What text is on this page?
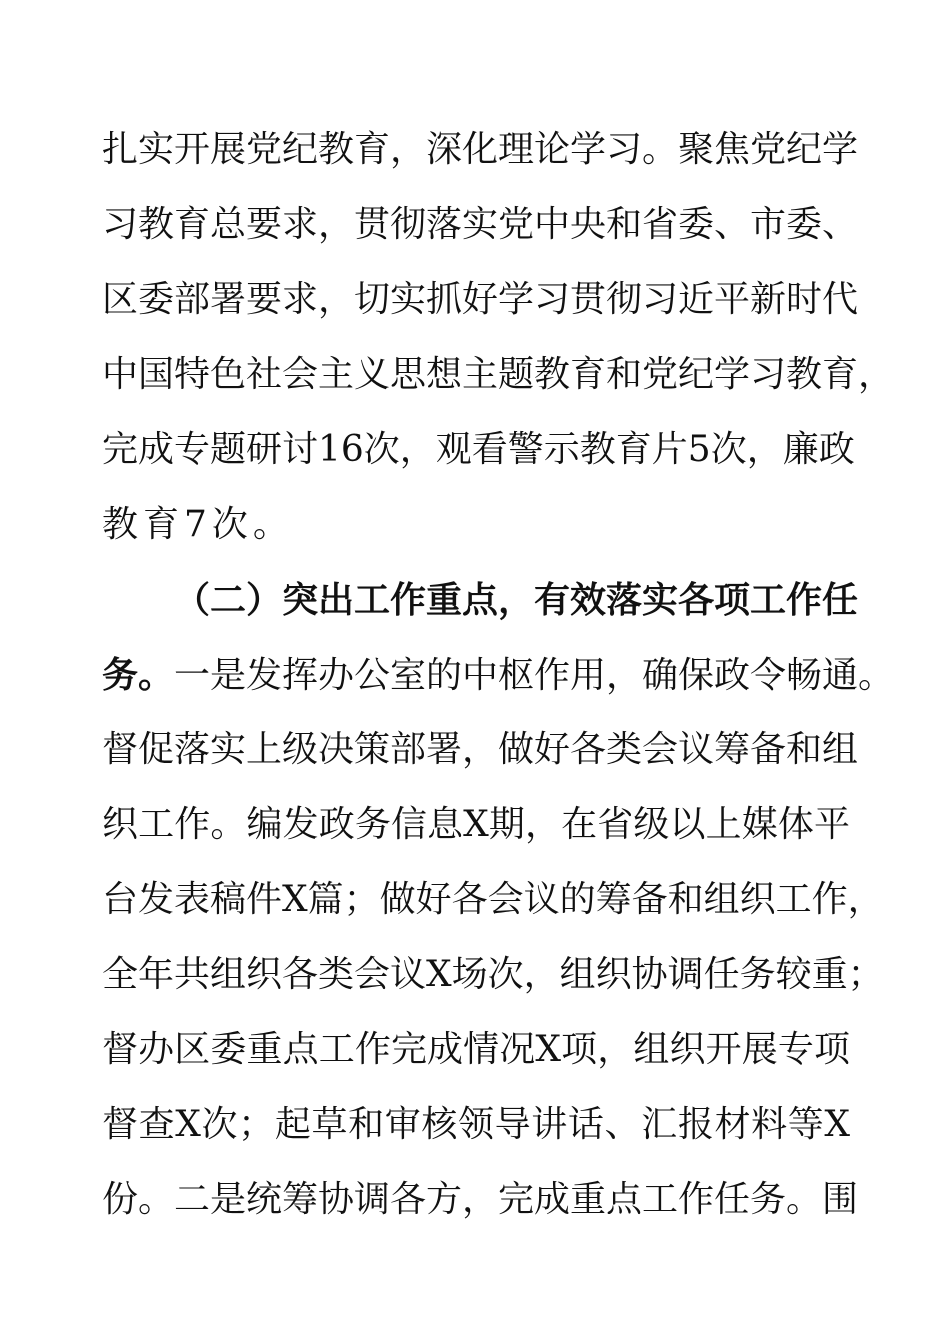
扎实开展党纪教育，深化理论学习。聚焦党纪学
习教育总要求，贯彻落实党中央和省委、市委、
区委部署要求，切实抓好学习贯彻习近平新时代
中国特色社会主义思想主题教育和党纪学习教育，
完成专题研讨16次，观看警示教育片5次，廉政
教育7次。
（二）突出工作重点，有效落实各项工作任
务。一是发挥办公室的中枢作用，确保政令畅通。
督促落实上级决策部署，做好各类会议筹备和组
织工作。编发政务信息X期，在省级以上媒体平
台发表稿件X篇；做好各会议的筹备和组织工作，
全年共组织各类会议X场次，组织协调任务较重；
督办区委重点工作完成情况X项，组织开展专项
督查X次；起草和审核领导讲话、汇报材料等X
份。二是统筹协调各方，完成重点工作任务。围
